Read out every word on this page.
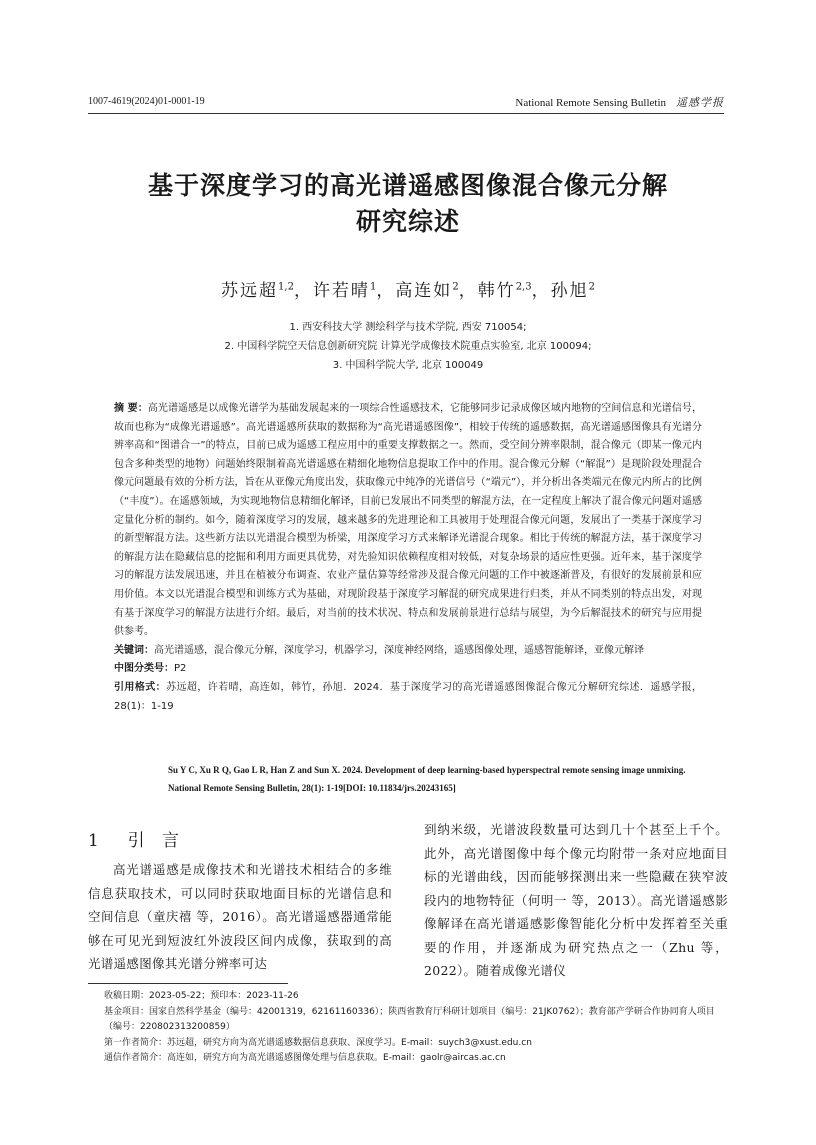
1007-4619(2024)01-0001-19	National Remote Sensing Bulletin 遥感学报
基于深度学习的高光谱遥感图像混合像元分解
研究综述
苏远超$^{1,2}$，许若晴$^1$，高连如$^2$，韩竹$^{2,3}$，孙旭$^2$
1. 西安科技大学 测绘科学与技术学院, 西安 710054;
2. 中国科学院空天信息创新研究院 计算光学成像技术院重点实验室, 北京 100094;
3. 中国科学院大学, 北京 100049
摘 要：高光谱遥感是以成像光谱学为基础发展起来的一项综合性遥感技术，它能够同步记录成像区域内地物的空间信息和光谱信号，故而也称为“成像光谱遥感”。高光谱遥感所获取的数据称为“高光谱遥感图像”，相较于传统的遥感数据，高光谱遥感图像具有光谱分辨率高和“图谱合一”的特点，目前已成为遥感工程应用中的重要支撑数据之一。然而，受空间分辨率限制，混合像元（即某一像元内包含多种类型的地物）问题始终限制着高光谱遥感在精细化地物信息提取工作中的作用。混合像元分解（“解混”）是现阶段处理混合像元问题最有效的分析方法，旨在从亚像元角度出发，获取像元中纯净的光谱信号（“端元”），并分析出各类端元在像元内所占的比例（“丰度”）。在遥感领域，为实现地物信息精细化解译，目前已发展出不同类型的解混方法，在一定程度上解决了混合像元问题对遥感定量化分析的制约。如今，随着深度学习的发展，越来越多的先进理论和工具被用于处理混合像元问题，发展出了一类基于深度学习的新型解混方法。这些新方法以光谱混合模型为桥梁，用深度学习方式来解译光谱混合现象。相比于传统的解混方法，基于深度学习的解混方法在隐藏信息的挖掘和利用方面更具优势，对先验知识依赖程度相对较低，对复杂场景的适应性更强。近年来，基于深度学习的解混方法发展迅速，并且在植被分布调查、农业产量估算等经常涉及混合像元问题的工作中被逐渐普及，有很好的发展前景和应用价值。本文以光谱混合模型和训练方式为基础，对现阶段基于深度学习解混的研究成果进行归类，并从不同类别的特点出发，对现有基于深度学习的解混方法进行介绍。最后，对当前的技术状况、特点和发展前景进行总结与展望，为今后解混技术的研究与应用提供参考。
关键词：高光谱遥感，混合像元分解，深度学习，机器学习，深度神经网络，遥感图像处理，遥感智能解译，亚像元解译
中图分类号：P2
引用格式：苏远超，许若晴，高连如，韩竹，孙旭．2024．基于深度学习的高光谱遥感图像混合像元分解研究综述．遥感学报，28(1)：1-19
Su Y C, Xu R Q, Gao L R, Han Z and Sun X. 2024. Development of deep learning-based hyperspectral remote sensing image unmixing. National Remote Sensing Bulletin, 28(1): 1-19[DOI: 10.11834/jrs.20243165]
1 引 言
高光谱遥感是成像技术和光谱技术相结合的多维信息获取技术，可以同时获取地面目标的光谱信息和空间信息（童庆禧 等，2016）。高光谱遥感器通常能够在可见光到短波红外波段区间内成像，获取到的高光谱遥感图像其光谱分辨率可达
到纳米级，光谱波段数量可达到几十个甚至上千个。此外，高光谱图像中每个像元均附带一条对应地面目标的光谱曲线，因而能够探测出来一些隐藏在狭窄波段内的地物特征（何明一 等，2013）。高光谱遥感影像解译在高光谱遥感影像智能化分析中发挥着至关重要的作用，并逐渐成为研究热点之一（Zhu 等，2022）。随着成像光谱仪

收稿日期：2023-05-22；预印本：2023-11-26

基金项目：国家自然科学基金（编号：42001319，62161160336）；陕西省教育厅科研计划项目（编号：21JK0762）；教育部产学研合作协同育人项目（编号：220802313200859）

第一作者简介：苏远超，研究方向为高光谱遥感数据信息获取、深度学习。E-mail：suych3@xust.edu.cn

通信作者简介：高连如，研究方向为高光谱遥感图像处理与信息获取。E-mail：gaolr@aircas.ac.cn
